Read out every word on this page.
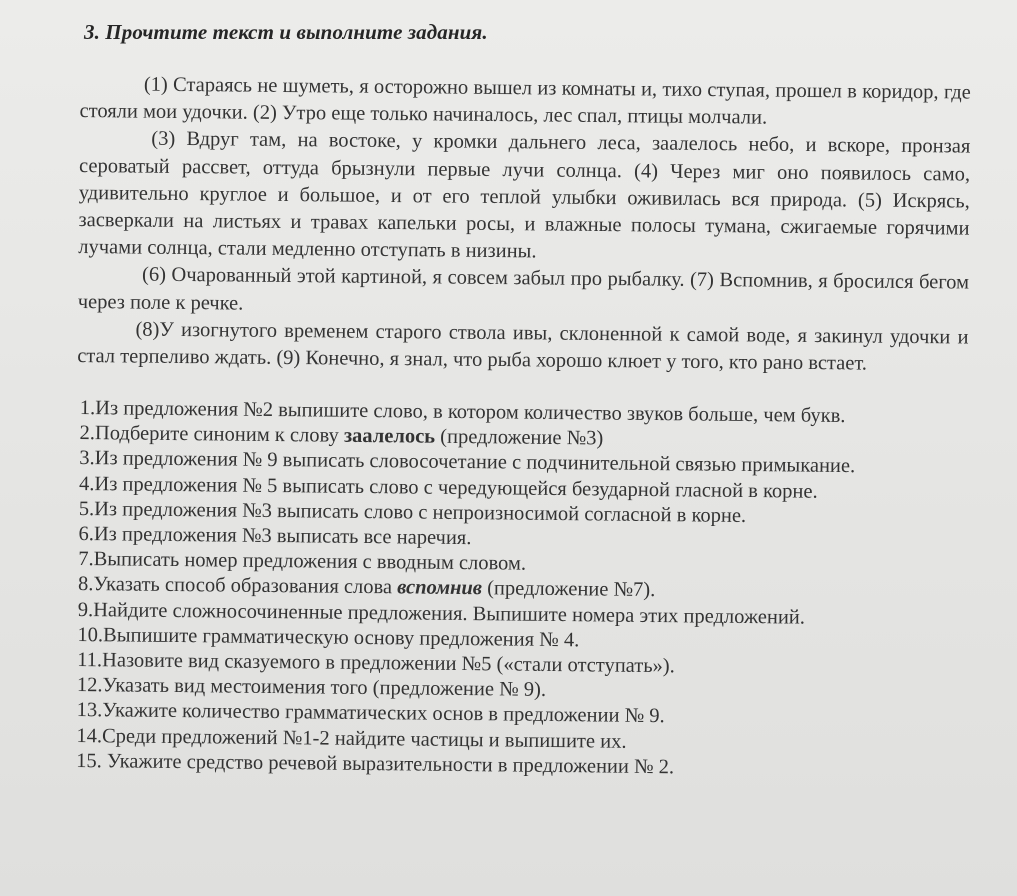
3. Прочтите текст и выполните задания.

(1) Стараясь не шуметь, я осторожно вышел из комнаты и, тихо ступая, прошел в коридор, где стояли мои удочки. (2) Утро еще только начиналось, лес спал, птицы молчали.

(3) Вдруг там, на востоке, у кромки дальнего леса, заалелось небо, и вскоре, пронзая сероватый рассвет, оттуда брызнули первые лучи солнца. (4) Через миг оно появилось само, удивительно круглое и большое, и от его теплой улыбки оживилась вся природа. (5) Искрясь, засверкали на листьях и травах капельки росы, и влажные полосы тумана, сжигаемые горячими лучами солнца, стали медленно отступать в низины.

(6) Очарованный этой картиной, я совсем забыл про рыбалку. (7) Вспомнив, я бросился бегом через поле к речке.

(8)У изогнутого временем старого ствола ивы, склоненной к самой воде, я закинул удочки и стал терпеливо ждать. (9) Конечно, я знал, что рыба хорошо клюет у того, кто рано встает.

1.Из предложения №2 выпишите слово, в котором количество звуков больше, чем букв.
2.Подберите синоним к слову заалелось (предложение №3)
3.Из предложения № 9 выписать словосочетание с подчинительной связью примыкание.
4.Из предложения № 5 выписать слово с чередующейся безударной гласной в корне.
5.Из предложения №3 выписать слово с непроизносимой согласной в корне.
6.Из предложения №3 выписать все наречия.
7.Выписать номер предложения с вводным словом.
8.Указать способ образования слова вспомнив (предложение №7).
9.Найдите сложносочиненные предложения. Выпишите номера этих предложений.
10.Выпишите грамматическую основу предложения № 4.
11.Назовите вид сказуемого в предложении №5 («стали отступать»).
12.Указать вид местоимения того (предложение № 9).
13.Укажите количество грамматических основ в предложении № 9.
14.Среди предложений №1-2 найдите частицы и выпишите их.
15. Укажите средство речевой выразительности в предложении № 2.
